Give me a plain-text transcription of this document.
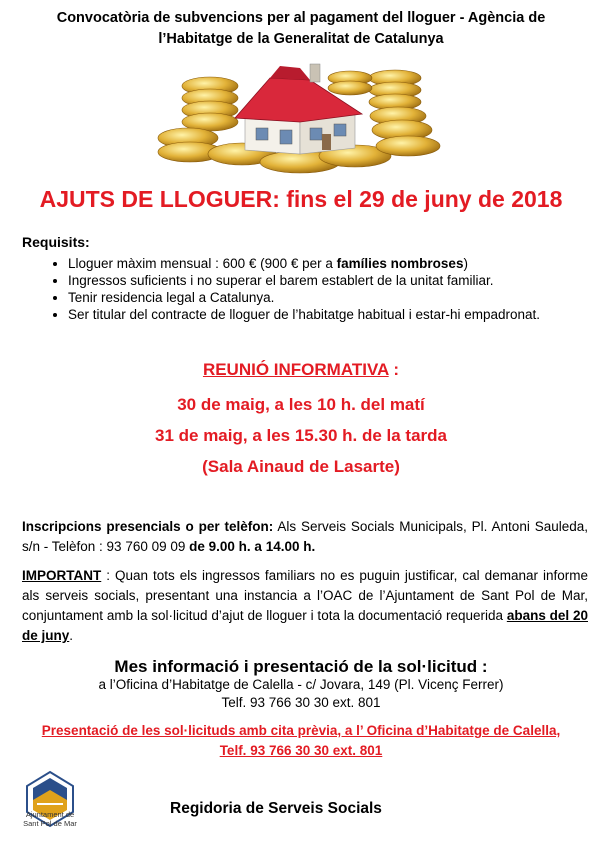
Convocatòria de subvencions per al pagament del lloguer - Agència de
l’Habitatge de la Generalitat de Catalunya
AJUTS DE LLOGUER: fins el 29 de juny de 2018
Requisits:
• Lloguer màxim mensual : 600 € (900 € per a famílies nombroses)
• Ingressos suficients i no superar el barem establert de la unitat familiar.
• Tenir residencia legal a Catalunya.
• Ser titular del contracte de lloguer de l’habitatge habitual i estar-hi empadronat.
REUNIÓ INFORMATIVA :
30 de maig, a les 10 h. del matí
31 de maig, a les 15.30 h. de la tarda
(Sala Ainaud de Lasarte)
Inscripcions presencials o per telèfon: Als Serveis Socials Municipals, Pl. Antoni Sauleda, s/n - Telèfon : 93 760 09 09 de 9.00 h. a 14.00 h.
IMPORTANT : Quan tots els ingressos familiars no es puguin justificar, cal demanar informe als serveis socials, presentant una instancia a l’OAC de l’Ajuntament de Sant Pol de Mar, conjuntament amb la sol·licitud d’ajut de lloguer i tota la documentació requerida abans del 20 de juny.
Mes informació i presentació de la sol·licitud :
a l’Oficina d’Habitatge de Calella - c/ Jovara, 149 (Pl. Vicenç Ferrer)
Telf. 93 766 30 30 ext. 801
Presentació de les sol·licituds amb cita prèvia, a l’ Oficina d’Habitatge de Calella,
Telf. 93 766 30 30 ext. 801
Ajuntament de
Sant Pol de Mar
Regidoria de Serveis Socials
